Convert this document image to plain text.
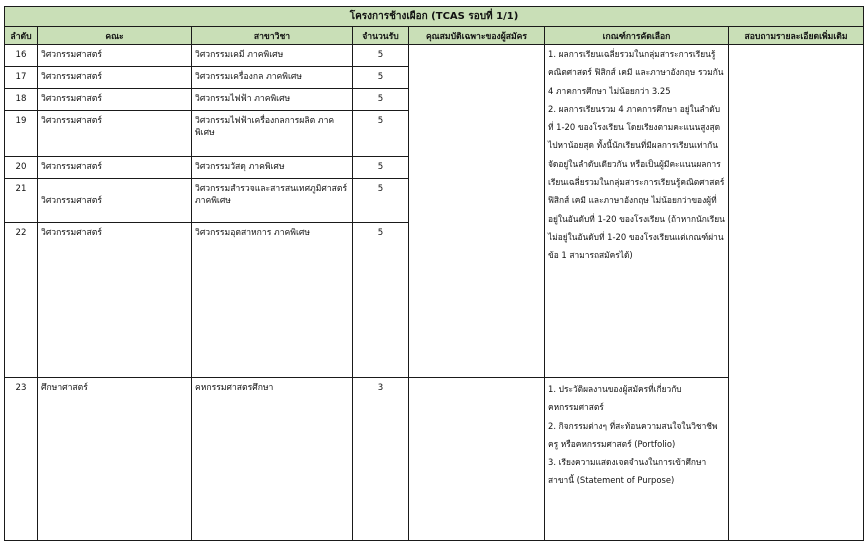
โครงการช้างเผือก (TCAS รอบที่ 1/1)						
ลำดับ	คณะ	สาขาวิชา	จำนวนรับ	คุณสมบัติเฉพาะของผู้สมัคร	เกณฑ์การคัดเลือก	สอบถามรายละเอียดเพิ่มเติม
16	วิศวกรรมศาสตร์	วิศวกรรมเคมี ภาคพิเศษ	5		1. ผลการเรียนเฉลี่ยรวมในกลุ่มสาระการเรียนรู้คณิตศาสตร์ ฟิสิกส์ เคมี และภาษาอังกฤษ รวมกัน 4 ภาคการศึกษา ไม่น้อยกว่า 3.25

2. ผลการเรียนรวม 4 ภาคการศึกษา อยู่ในลำดับที่ 1-20 ของโรงเรียน โดยเรียงตามคะแนนสูงสุดไปหาน้อยสุด ทั้งนี้นักเรียนที่มีผลการเรียนเท่ากันจัดอยู่ในลำดับเดียวกัน หรือเป็นผู้มีคะแนนผลการเรียนเฉลี่ยรวมในกลุ่มสาระการเรียนรู้คณิตศาสตร์ ฟิสิกส์ เคมี และภาษาอังกฤษ ไม่น้อยกว่าของผู้ที่อยู่ในอันดับที่ 1-20 ของโรงเรียน (ถ้าหากนักเรียนไม่อยู่ในอันดับที่ 1-20 ของโรงเรียนแต่เกณฑ์ผ่านข้อ 1 สามารถสมัครได้)	

17	วิศวกรรมศาสตร์	วิศวกรรมเครื่องกล ภาคพิเศษ	5			
18	วิศวกรรมศาสตร์	วิศวกรรมไฟฟ้า ภาคพิเศษ	5			
19	วิศวกรรมศาสตร์	วิศวกรรมไฟฟ้าเครื่องกลการผลิต ภาคพิเศษ	5			
20	วิศวกรรมศาสตร์	วิศวกรรมวัสดุ ภาคพิเศษ	5			
21	วิศวกรรมศาสตร์	วิศวกรรมสำรวจและสารสนเทศภูมิศาสตร์ ภาคพิเศษ	5			
22	วิศวกรรมศาสตร์	วิศวกรรมอุตสาหการ ภาคพิเศษ	5			
23	ศึกษาศาสตร์	คหกรรมศาสตรศึกษา	3		1. ประวัติผลงานของผู้สมัครที่เกี่ยวกับคหกรรมศาสตร์

2. กิจกรรมต่างๆ ที่สะท้อนความสนใจในวิชาชีพครู หรือคหกรรมศาสตร์ (Portfolio)

3. เรียงความแสดงเจตจำนงในการเข้าศึกษาสาขานี้ (Statement of Purpose)	
